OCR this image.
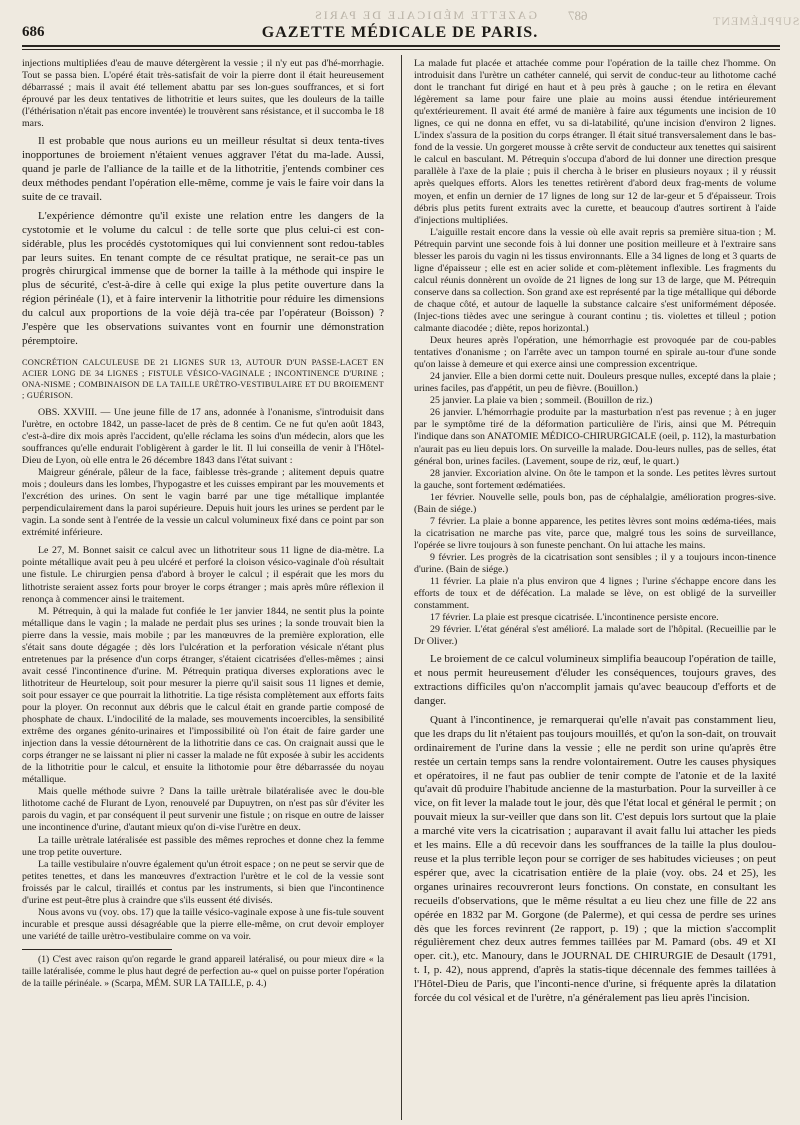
GAZETTE MÉDICALE DE PARIS	687	SUPPLÉMENT
686	GAZETTE MÉDICALE DE PARIS.

injections multipliées d'eau de mauve détergèrent la vessie ; il n'y eut pas d'hé-morrhagie. Tout se passa bien. L'opéré était très-satisfait de voir la pierre dont il était heureusement débarrassé ; mais il avait été tellement abattu par ses lon-gues souffrances, et si fort éprouvé par les deux tentatives de lithotritie et leurs suites, que les douleurs de la taille (l'éthérisation n'était pas encore inventée) le trouvèrent sans résistance, et il succomba le 18 mars.

Il est probable que nous aurions eu un meilleur résultat si deux tenta-tives inopportunes de broiement n'étaient venues aggraver l'état du ma-lade. Aussi, quand je parle de l'alliance de la taille et de la lithotritie, j'entends combiner ces deux méthodes pendant l'opération elle-même, comme je vais le faire voir dans la suite de ce travail.

L'expérience démontre qu'il existe une relation entre les dangers de la cystotomie et le volume du calcul : de telle sorte que plus celui-ci est con-sidérable, plus les procédés cystotomiques qui lui conviennent sont redou-tables par leurs suites. En tenant compte de ce résultat pratique, ne serait-ce pas un progrès chirurgical immense que de borner la taille à la méthode qui inspire le plus de sécurité, c'est-à-dire à celle qui exige la plus petite ouverture dans la région périnéale (1), et à faire intervenir la lithotritie pour réduire les dimensions du calcul aux proportions de la voie déjà tra-cée par l'opérateur (Boisson) ? J'espère que les observations suivantes vont en fournir une démonstration péremptoire.

CONCRÉTION CALCULEUSE DE 21 LIGNES SUR 13, AUTOUR D'UN PASSE-LACET EN ACIER LONG DE 34 LIGNES ; FISTULE VÉSICO-VAGINALE ; INCONTINENCE D'URINE ; ONA-NISME ; COMBINAISON DE LA TAILLE URÈTRO-VESTIBULAIRE ET DU BROIEMENT ; GUÉRISON.

OBS. XXVIII. — Une jeune fille de 17 ans, adonnée à l'onanisme, s'introduisit dans l'urètre, en octobre 1842, un passe-lacet de près de 8 centim. Ce ne fut qu'en août 1843, c'est-à-dire dix mois après l'accident, qu'elle réclama les soins d'un médecin, alors que les souffrances qu'elle endurait l'obligèrent à garder le lit. Il lui conseilla de venir à l'Hôtel-Dieu de Lyon, où elle entra le 26 décembre 1843 dans l'état suivant :

Maigreur générale, pâleur de la face, faiblesse très-grande ; alitement depuis quatre mois ; douleurs dans les lombes, l'hypogastre et les cuisses empirant par les mouvements et l'excrétion des urines. On sent le vagin barré par une tige métallique implantée perpendiculairement dans la paroi supérieure. Depuis huit jours les urines se perdent par le vagin. La sonde sent à l'entrée de la vessie un calcul volumineux fixé dans ce point par son extrémité inférieure.

Le 27, M. Bonnet saisit ce calcul avec un lithotriteur sous 11 ligne de dia-mètre. La pointe métallique avait peu à peu ulcéré et perforé la cloison vésico-vaginale d'où résultait une fistule. Le chirurgien pensa d'abord à broyer le calcul ; il espérait que les mors du lithotriste seraient assez forts pour broyer le corps étranger ; mais après mûre réflexion il renonça à commencer ainsi le traitement.

M. Pétrequin, à qui la malade fut confiée le 1er janvier 1844, ne sentit plus la pointe métallique dans le vagin ; la malade ne perdait plus ses urines ; la sonde trouvait bien la pierre dans la vessie, mais mobile ; par les manœuvres de la première exploration, elle s'était sans doute dégagée ; dès lors l'ulcération et la perforation vésicale n'étant plus entretenues par la présence d'un corps étranger, s'étaient cicatrisées d'elles-mêmes ; ainsi avait cessé l'incontinence d'urine. M. Pétrequin pratiqua diverses explorations avec le lithotriteur de Heurteloup, soit pour mesurer la pierre qu'il saisit sous 11 lignes et demie, soit pour essayer ce que pourrait la lithotritie. La tige résista complètement aux efforts faits pour la ployer. On reconnut aux débris que le calcul était en grande partie composé de phosphate de chaux. L'indocilité de la malade, ses mouvements incoercibles, la sensibilité extrême des organes génito-urinaires et l'impossibilité où l'on était de faire garder une injection dans la vessie détournèrent de la lithotritie dans ce cas. On craignait aussi que le corps étranger ne se laissant ni plier ni casser la malade ne fût exposée à subir les accidents de la lithotritie pour le calcul, et ensuite la lithotomie pour être débarrassée du noyau métallique.

Mais quelle méthode suivre ? Dans la taille urètrale bilatéralisée avec le dou-ble lithotome caché de Flurant de Lyon, renouvelé par Dupuytren, on n'est pas sûr d'éviter les parois du vagin, et par conséquent il peut survenir une fistule ; on risque en outre de laisser une incontinence d'urine, d'autant mieux qu'on di-vise l'urètre en deux.

La taille urètrale latéralisée est passible des mêmes reproches et donne chez la femme une trop petite ouverture.

La taille vestibulaire n'ouvre également qu'un étroit espace ; on ne peut se servir que de petites tenettes, et dans les manœuvres d'extraction l'urètre et le col de la vessie sont froissés par le calcul, tiraillés et contus par les instruments, si bien que l'incontinence d'urine est peut-être plus à craindre que s'ils eussent été divisés.

Nous avons vu (voy. obs. 17) que la taille vésico-vaginale expose à une fis-tule souvent incurable et presque aussi désagréable que la pierre elle-même, on crut devoir employer une variété de taille urètro-vestibulaire comme on va voir.

(1) C'est avec raison qu'on regarde le grand appareil latéralisé, ou pour mieux dire « la taille latéralisée, comme le plus haut degré de perfection au-« quel on puisse porter l'opération de la taille périnéale. » (Scarpa, MÉM. SUR LA TAILLE, p. 4.)

La malade fut placée et attachée comme pour l'opération de la taille chez l'homme. On introduisit dans l'urètre un cathéter cannelé, qui servit de conduc-teur au lithotome caché dont le tranchant fut dirigé en haut et à peu près à gauche ; on le retira en élevant légèrement sa lame pour faire une plaie au moins aussi étendue intérieurement qu'extérieurement. Il avait été armé de manière à faire aux téguments une incision de 10 lignes, ce qui ne donna en effet, vu sa di-latabilité, qu'une incision d'environ 2 lignes. L'index s'assura de la position du corps étranger. Il était situé transversalement dans le bas-fond de la vessie. Un gorgeret mousse à crête servit de conducteur aux tenettes qui saisirent le calcul en basculant. M. Pétrequin s'occupa d'abord de lui donner une direction presque parallèle à l'axe de la plaie ; puis il chercha à le briser en plusieurs noyaux ; il y réussit après quelques efforts. Alors les tenettes retirèrent d'abord deux frag-ments de volume moyen, et enfin un dernier de 17 lignes de long sur 12 de lar-geur et 5 d'épaisseur. Trois débris plus petits furent extraits avec la curette, et beaucoup d'autres sortirent à l'aide d'injections multipliées.

L'aiguille restait encore dans la vessie où elle avait repris sa première situa-tion ; M. Pétrequin parvint une seconde fois à lui donner une position meilleure et à l'extraire sans blesser les parois du vagin ni les tissus environnants. Elle a 34 lignes de long et 3 quarts de ligne d'épaisseur ; elle est en acier solide et com-plètement inflexible. Les fragments du calcul réunis donnèrent un ovoïde de 21 lignes de long sur 13 de large, que M. Pétrequin conserve dans sa collection. Son grand axe est représenté par la tige métallique qui déborde de chaque côté, et autour de laquelle la substance calcaire s'est uniformément déposée. (Injec-tions tièdes avec une seringue à courant continu ; tis. violettes et tilleul ; potion calmante diacodée ; diète, repos horizontal.)

Deux heures après l'opération, une hémorrhagie est provoquée par de cou-pables tentatives d'onanisme ; on l'arrête avec un tampon tourné en spirale au-tour d'une sonde qu'on laisse à demeure et qui exerce ainsi une compression excentrique.

24 janvier. Elle a bien dormi cette nuit. Douleurs presque nulles, excepté dans la plaie ; urines faciles, pas d'appétit, un peu de fièvre. (Bouillon.)

25 janvier. La plaie va bien ; sommeil. (Bouillon de riz.)

26 janvier. L'hémorrhagie produite par la masturbation n'est pas revenue ; à en juger par le symptôme tiré de la déformation particulière de l'iris, ainsi que M. Pétrequin l'indique dans son ANATOMIE MÉDICO-CHIRURGICALE (oeil, p. 112), la masturbation n'aurait pas eu lieu depuis lors. On surveille la malade. Dou-leurs nulles, pas de selles, état général bon, urines faciles. (Lavement, soupe de riz, œuf, le quart.)

28 janvier. Excoriation alvine. On ôte le tampon et la sonde. Les petites lèvres surtout la gauche, sont fortement œdématiées.

1er février. Nouvelle selle, pouls bon, pas de céphalalgie, amélioration progres-sive. (Bain de siége.)

7 février. La plaie a bonne apparence, les petites lèvres sont moins œdéma-tiées, mais la cicatrisation ne marche pas vite, parce que, malgré tous les soins de surveillance, l'opérée se livre toujours à son funeste penchant. On lui attache les mains.

9 février. Les progrès de la cicatrisation sont sensibles ; il y a toujours incon-tinence d'urine. (Bain de siége.)

11 février. La plaie n'a plus environ que 4 lignes ; l'urine s'échappe encore dans les efforts de toux et de défécation. La malade se lève, on est obligé de la surveiller constamment.

17 février. La plaie est presque cicatrisée. L'incontinence persiste encore.

29 février. L'état général s'est amélioré. La malade sort de l'hôpital. (Recueillie par le Dr Oliver.)

Le broiement de ce calcul volumineux simplifia beaucoup l'opération de taille, et nous permit heureusement d'éluder les conséquences, toujours graves, des extractions difficiles qu'on n'accomplit jamais qu'avec beaucoup d'efforts et de danger.

Quant à l'incontinence, je remarquerai qu'elle n'avait pas constamment lieu, que les draps du lit n'étaient pas toujours mouillés, et qu'on la son-dait, on trouvait ordinairement de l'urine dans la vessie ; elle ne perdit son urine qu'après être restée un certain temps sans la rendre volontairement. Outre les causes physiques et opératoires, il ne faut pas oublier de tenir compte de l'atonie et de la laxité qu'avait dû produire l'habitude ancienne de la masturbation. Pour la surveiller à ce vice, on fit lever la malade tout le jour, dès que l'état local et général le permit ; on pouvait mieux la sur-veiller que dans son lit. C'est depuis lors surtout que la plaie a marché vite vers la cicatrisation ; auparavant il avait fallu lui attacher les pieds et les mains. Elle a dû recevoir dans les souffrances de la taille la plus doulou-reuse et la plus terrible leçon pour se corriger de ses habitudes vicieuses ; on peut espérer que, avec la cicatrisation entière de la plaie (voy. obs. 24 et 25), les organes urinaires recouvreront leurs fonctions. On constate, en consultant les recueils d'observations, que le même résultat a eu lieu chez une fille de 22 ans opérée en 1832 par M. Gorgone (de Palerme), et qui cessa de perdre ses urines dès que les forces revinrent (2e rapport, p. 19) ; que la miction s'accomplit régulièrement chez deux autres femmes taillées par M. Pamard (obs. 49 et XI oper. cit.), etc. Manoury, dans le JOURNAL DE CHIRURGIE de Desault (1791, t. I, p. 42), nous apprend, d'après la statis-tique décennale des femmes taillées à l'Hôtel-Dieu de Paris, que l'inconti-nence d'urine, si fréquente après la dilatation forcée du col vésical et de l'urètre, n'a généralement pas lieu après l'incision.
